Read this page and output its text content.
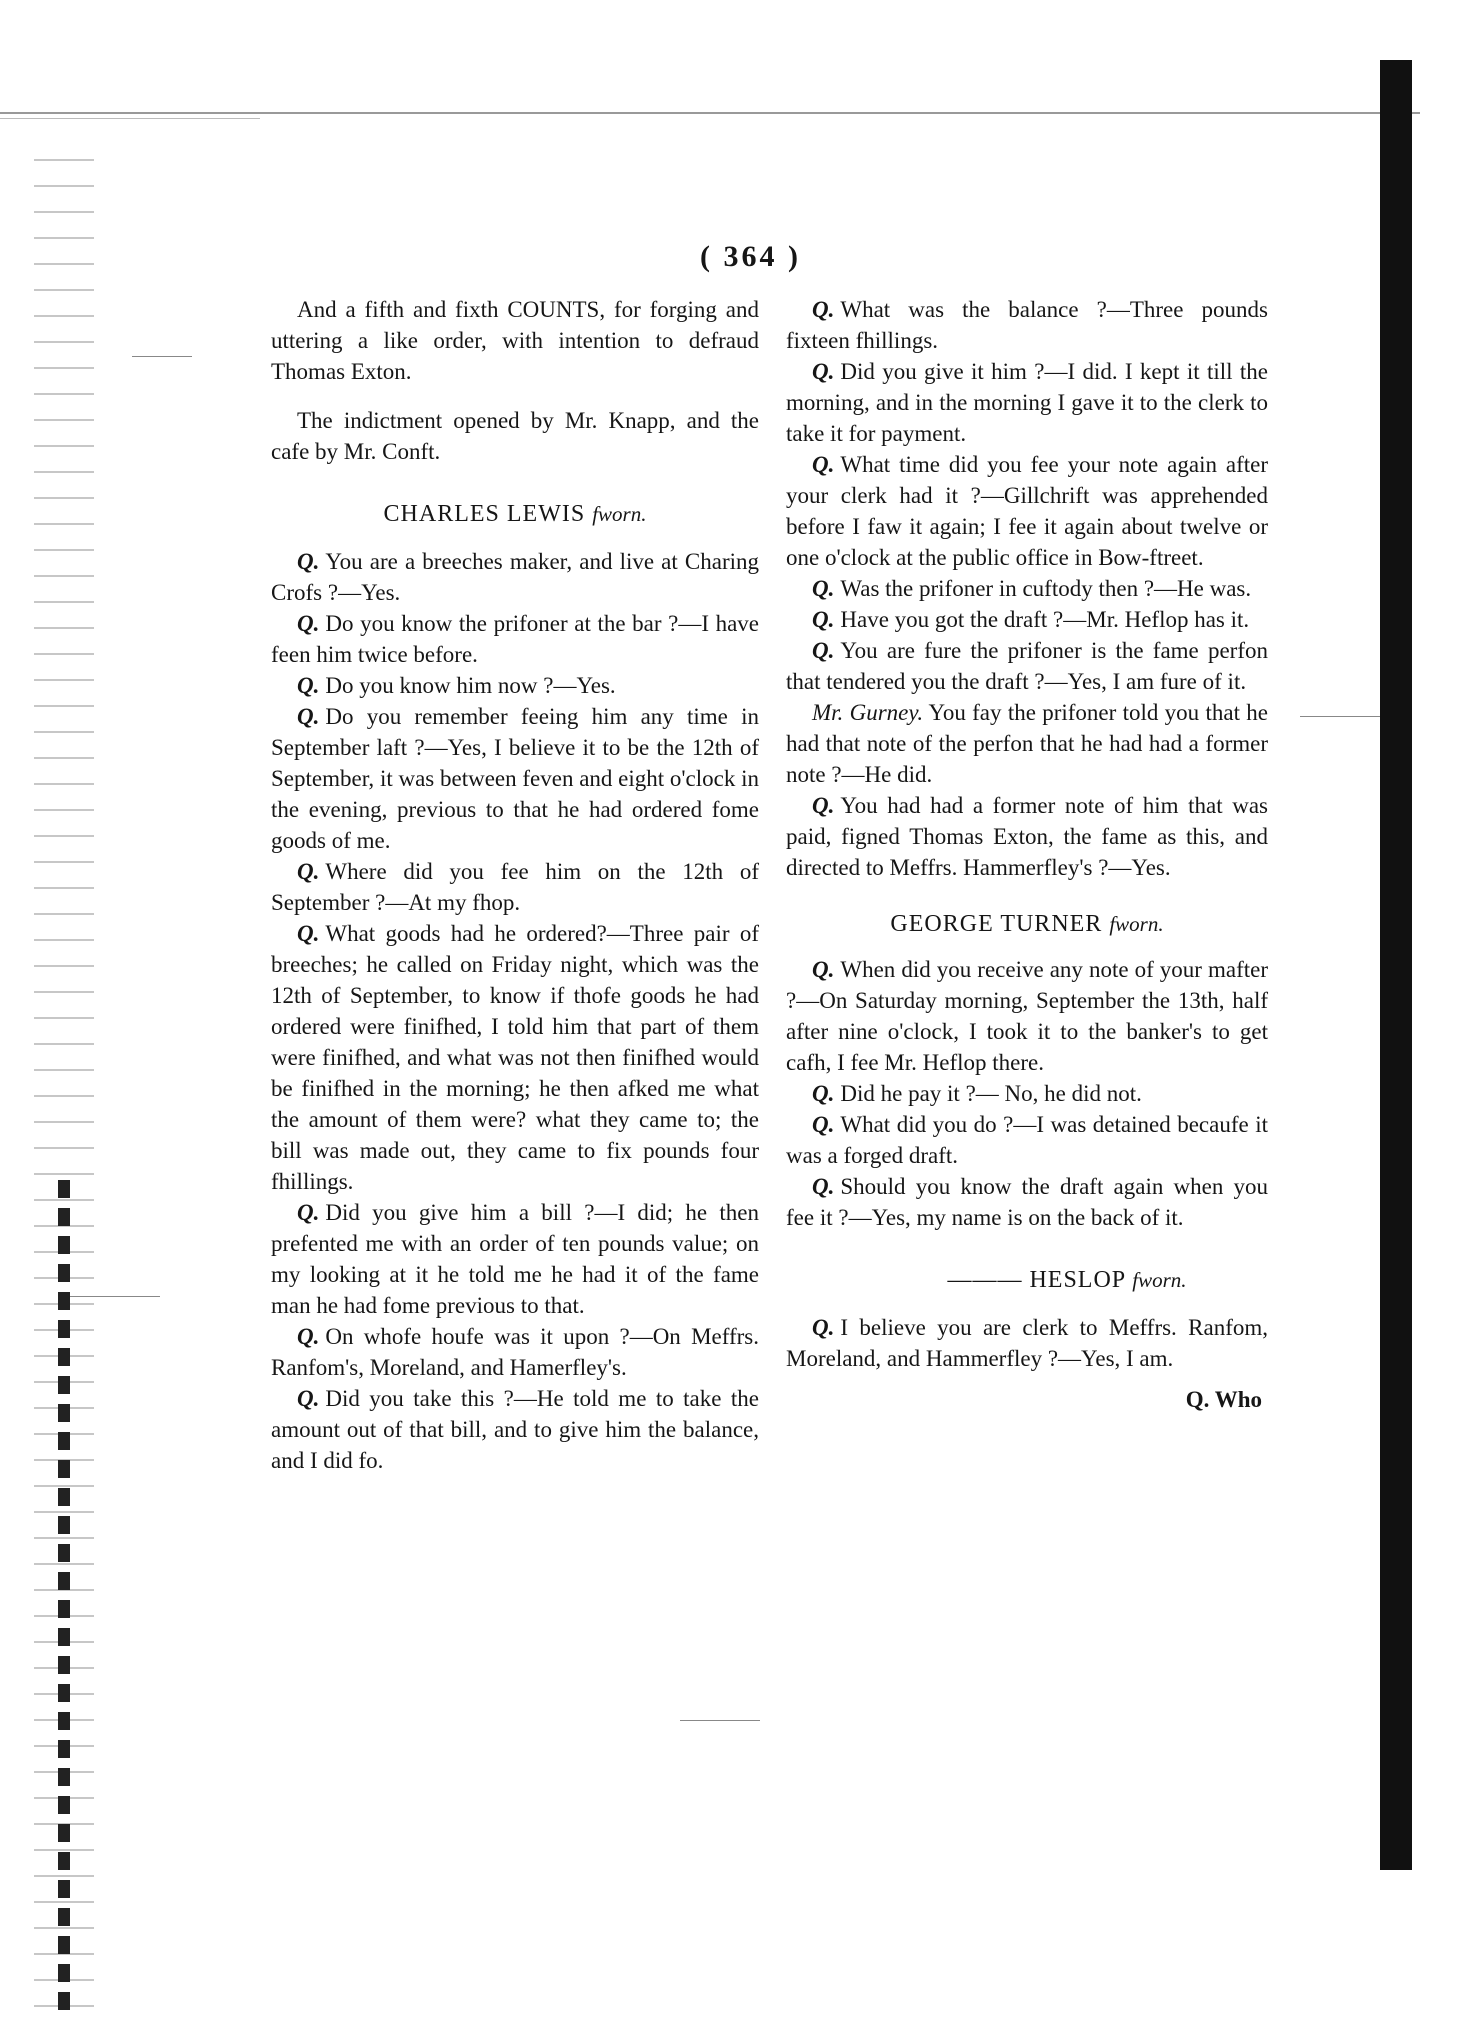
( 364 )

And a fifth and fixth COUNTS, for forging and uttering a like order, with intention to defraud Thomas Exton.

The indictment opened by Mr. Knapp, and the cafe by Mr. Conft.

CHARLES LEWIS fworn.

Q. You are a breeches maker, and live at Charing Crofs ?—Yes.

Q. Do you know the prifoner at the bar ?—I have feen him twice before.

Q. Do you know him now ?—Yes.

Q. Do you remember feeing him any time in September laft ?—Yes, I believe it to be the 12th of September, it was between feven and eight o'clock in the evening, previous to that he had ordered fome goods of me.

Q. Where did you fee him on the 12th of September ?—At my fhop.

Q. What goods had he ordered?—Three pair of breeches; he called on Friday night, which was the 12th of September, to know if thofe goods he had ordered were finifhed, I told him that part of them were finifhed, and what was not then finifhed would be finifhed in the morning; he then afked me what the amount of them were? what they came to; the bill was made out, they came to fix pounds four fhillings.

Q. Did you give him a bill ?—I did; he then prefented me with an order of ten pounds value; on my looking at it he told me he had it of the fame man he had fome previous to that.

Q. On whofe houfe was it upon ?—On Meffrs. Ranfom's, Moreland, and Hamerfley's.

Q. Did you take this ?—He told me to take the amount out of that bill, and to give him the balance, and I did fo.

Q. What was the balance ?—Three pounds fixteen fhillings.

Q. Did you give it him ?—I did. I kept it till the morning, and in the morning I gave it to the clerk to take it for payment.

Q. What time did you fee your note again after your clerk had it ?—Gillchrift was apprehended before I faw it again; I fee it again about twelve or one o'clock at the public office in Bow-ftreet.

Q. Was the prifoner in cuftody then ?—He was.

Q. Have you got the draft ?—Mr. Heflop has it.

Q. You are fure the prifoner is the fame perfon that tendered you the draft ?—Yes, I am fure of it.

Mr. Gurney. You fay the prifoner told you that he had that note of the perfon that he had had a former note ?—He did.

Q. You had had a former note of him that was paid, figned Thomas Exton, the fame as this, and directed to Meffrs. Hammerfley's ?—Yes.

GEORGE TURNER fworn.

Q. When did you receive any note of your mafter ?—On Saturday morning, September the 13th, half after nine o'clock, I took it to the banker's to get cafh, I fee Mr. Heflop there.

Q. Did he pay it ?— No, he did not.

Q. What did you do ?—I was detained becaufe it was a forged draft.

Q. Should you know the draft again when you fee it ?—Yes, my name is on the back of it.

——— HESLOP fworn.

Q. I believe you are clerk to Meffrs. Ranfom, Moreland, and Hammerfley ?—Yes, I am.

Q. Who
